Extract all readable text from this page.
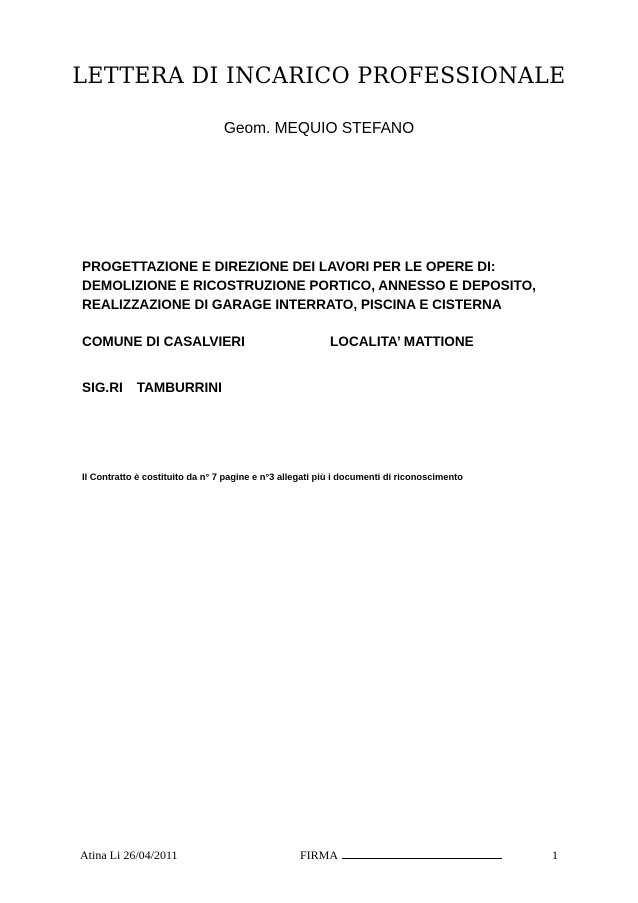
LETTERA DI INCARICO PROFESSIONALE
Geom. MEQUIO STEFANO
PROGETTAZIONE E DIREZIONE DEI LAVORI PER LE OPERE DI:
DEMOLIZIONE E RICOSTRUZIONE PORTICO, ANNESSO E DEPOSITO,
REALIZZAZIONE DI GARAGE INTERRATO, PISCINA E CISTERNA
COMUNE DI CASALVIERI	LOCALITA’ MATTIONE
SIG.RI TAMBURRINI
Il Contratto è costituito da n° 7 pagine e n°3 allegati più i documenti di riconoscimento
Atina Li 26/04/2011	FIRMA	1
